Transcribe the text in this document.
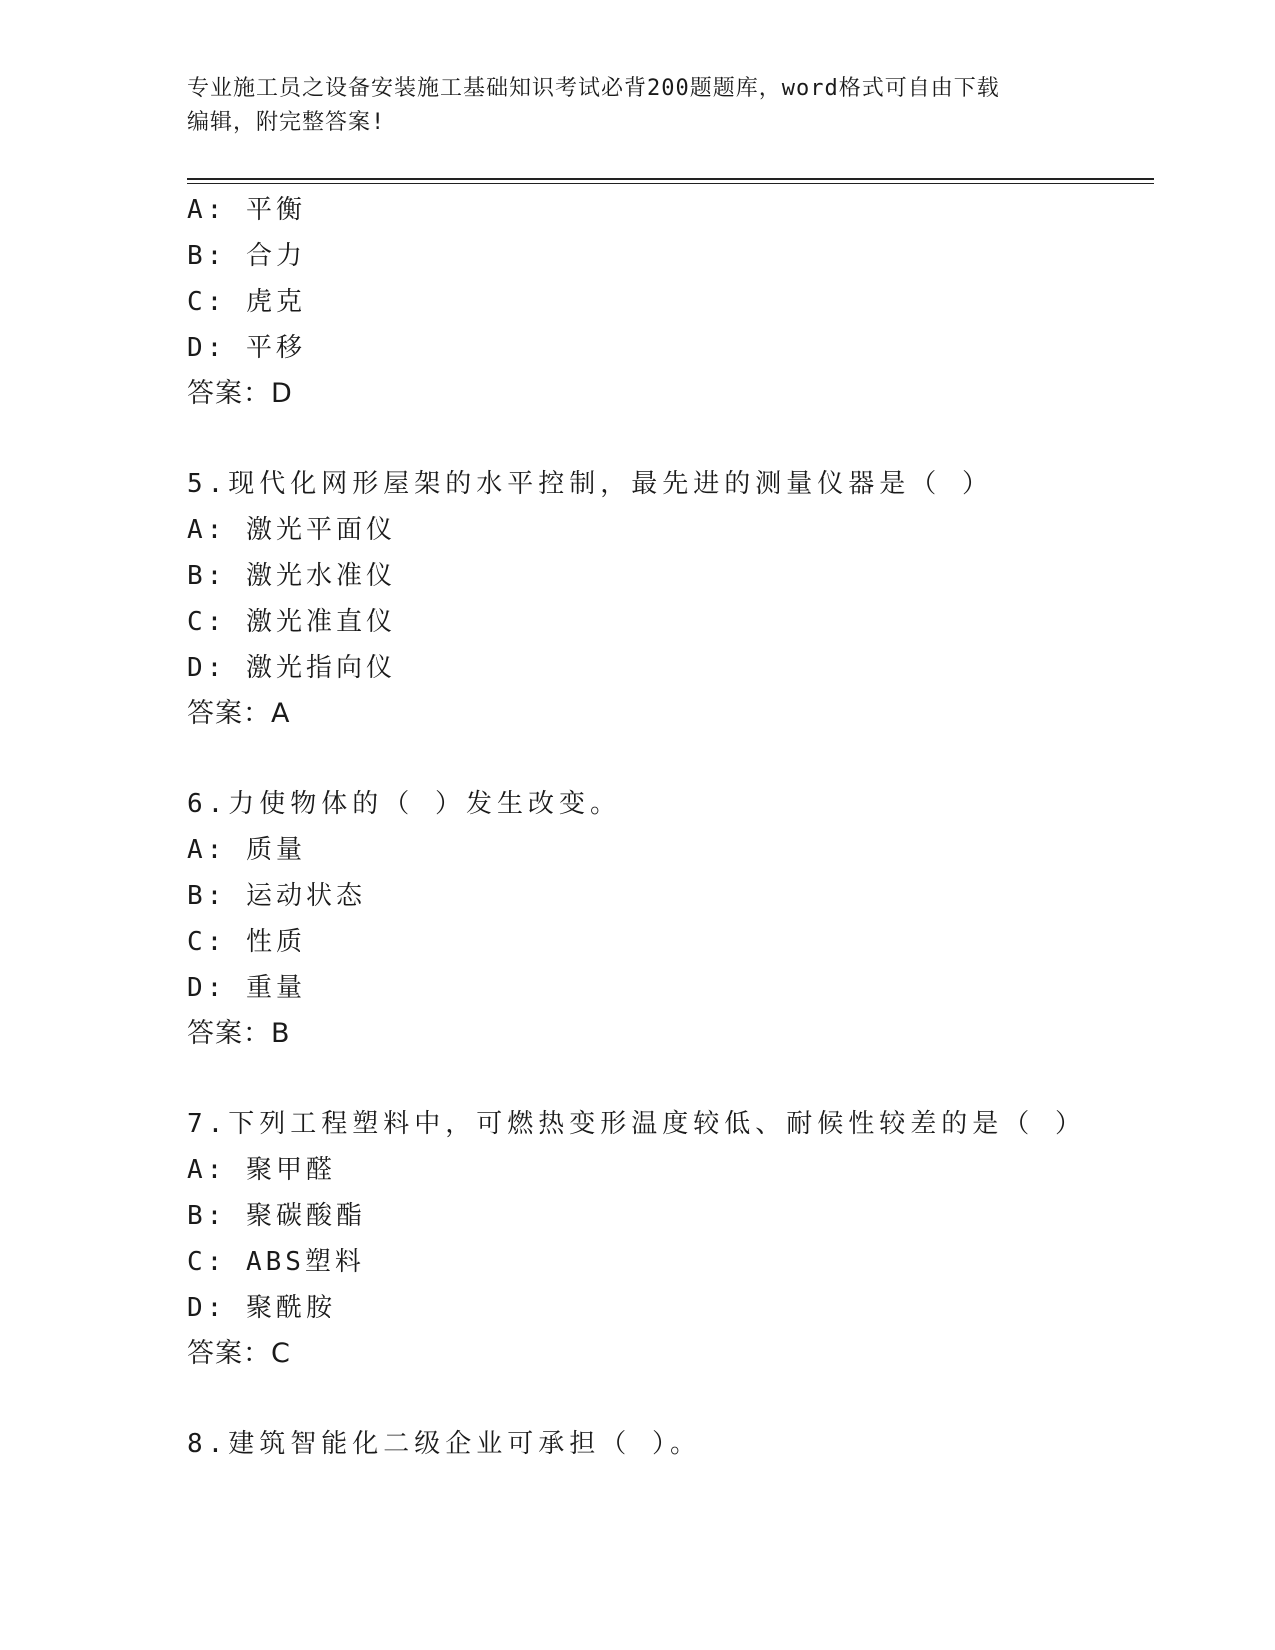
专业施工员之设备安装施工基础知识考试必背200题题库，word格式可自由下载
编辑，附完整答案!
A: 平衡
B: 合力
C: 虎克
D: 平移
答案：D
5.现代化网形屋架的水平控制，最先进的测量仪器是（ ）
A: 激光平面仪
B: 激光水准仪
C: 激光准直仪
D: 激光指向仪
答案：A
6.力使物体的（ ）发生改变。
A: 质量
B: 运动状态
C: 性质
D: 重量
答案：B
7.下列工程塑料中，可燃热变形温度较低、耐候性较差的是（ ）
A: 聚甲醛
B: 聚碳酸酯
C: ABS塑料
D: 聚酰胺
答案：C
8.建筑智能化二级企业可承担（ ）。
